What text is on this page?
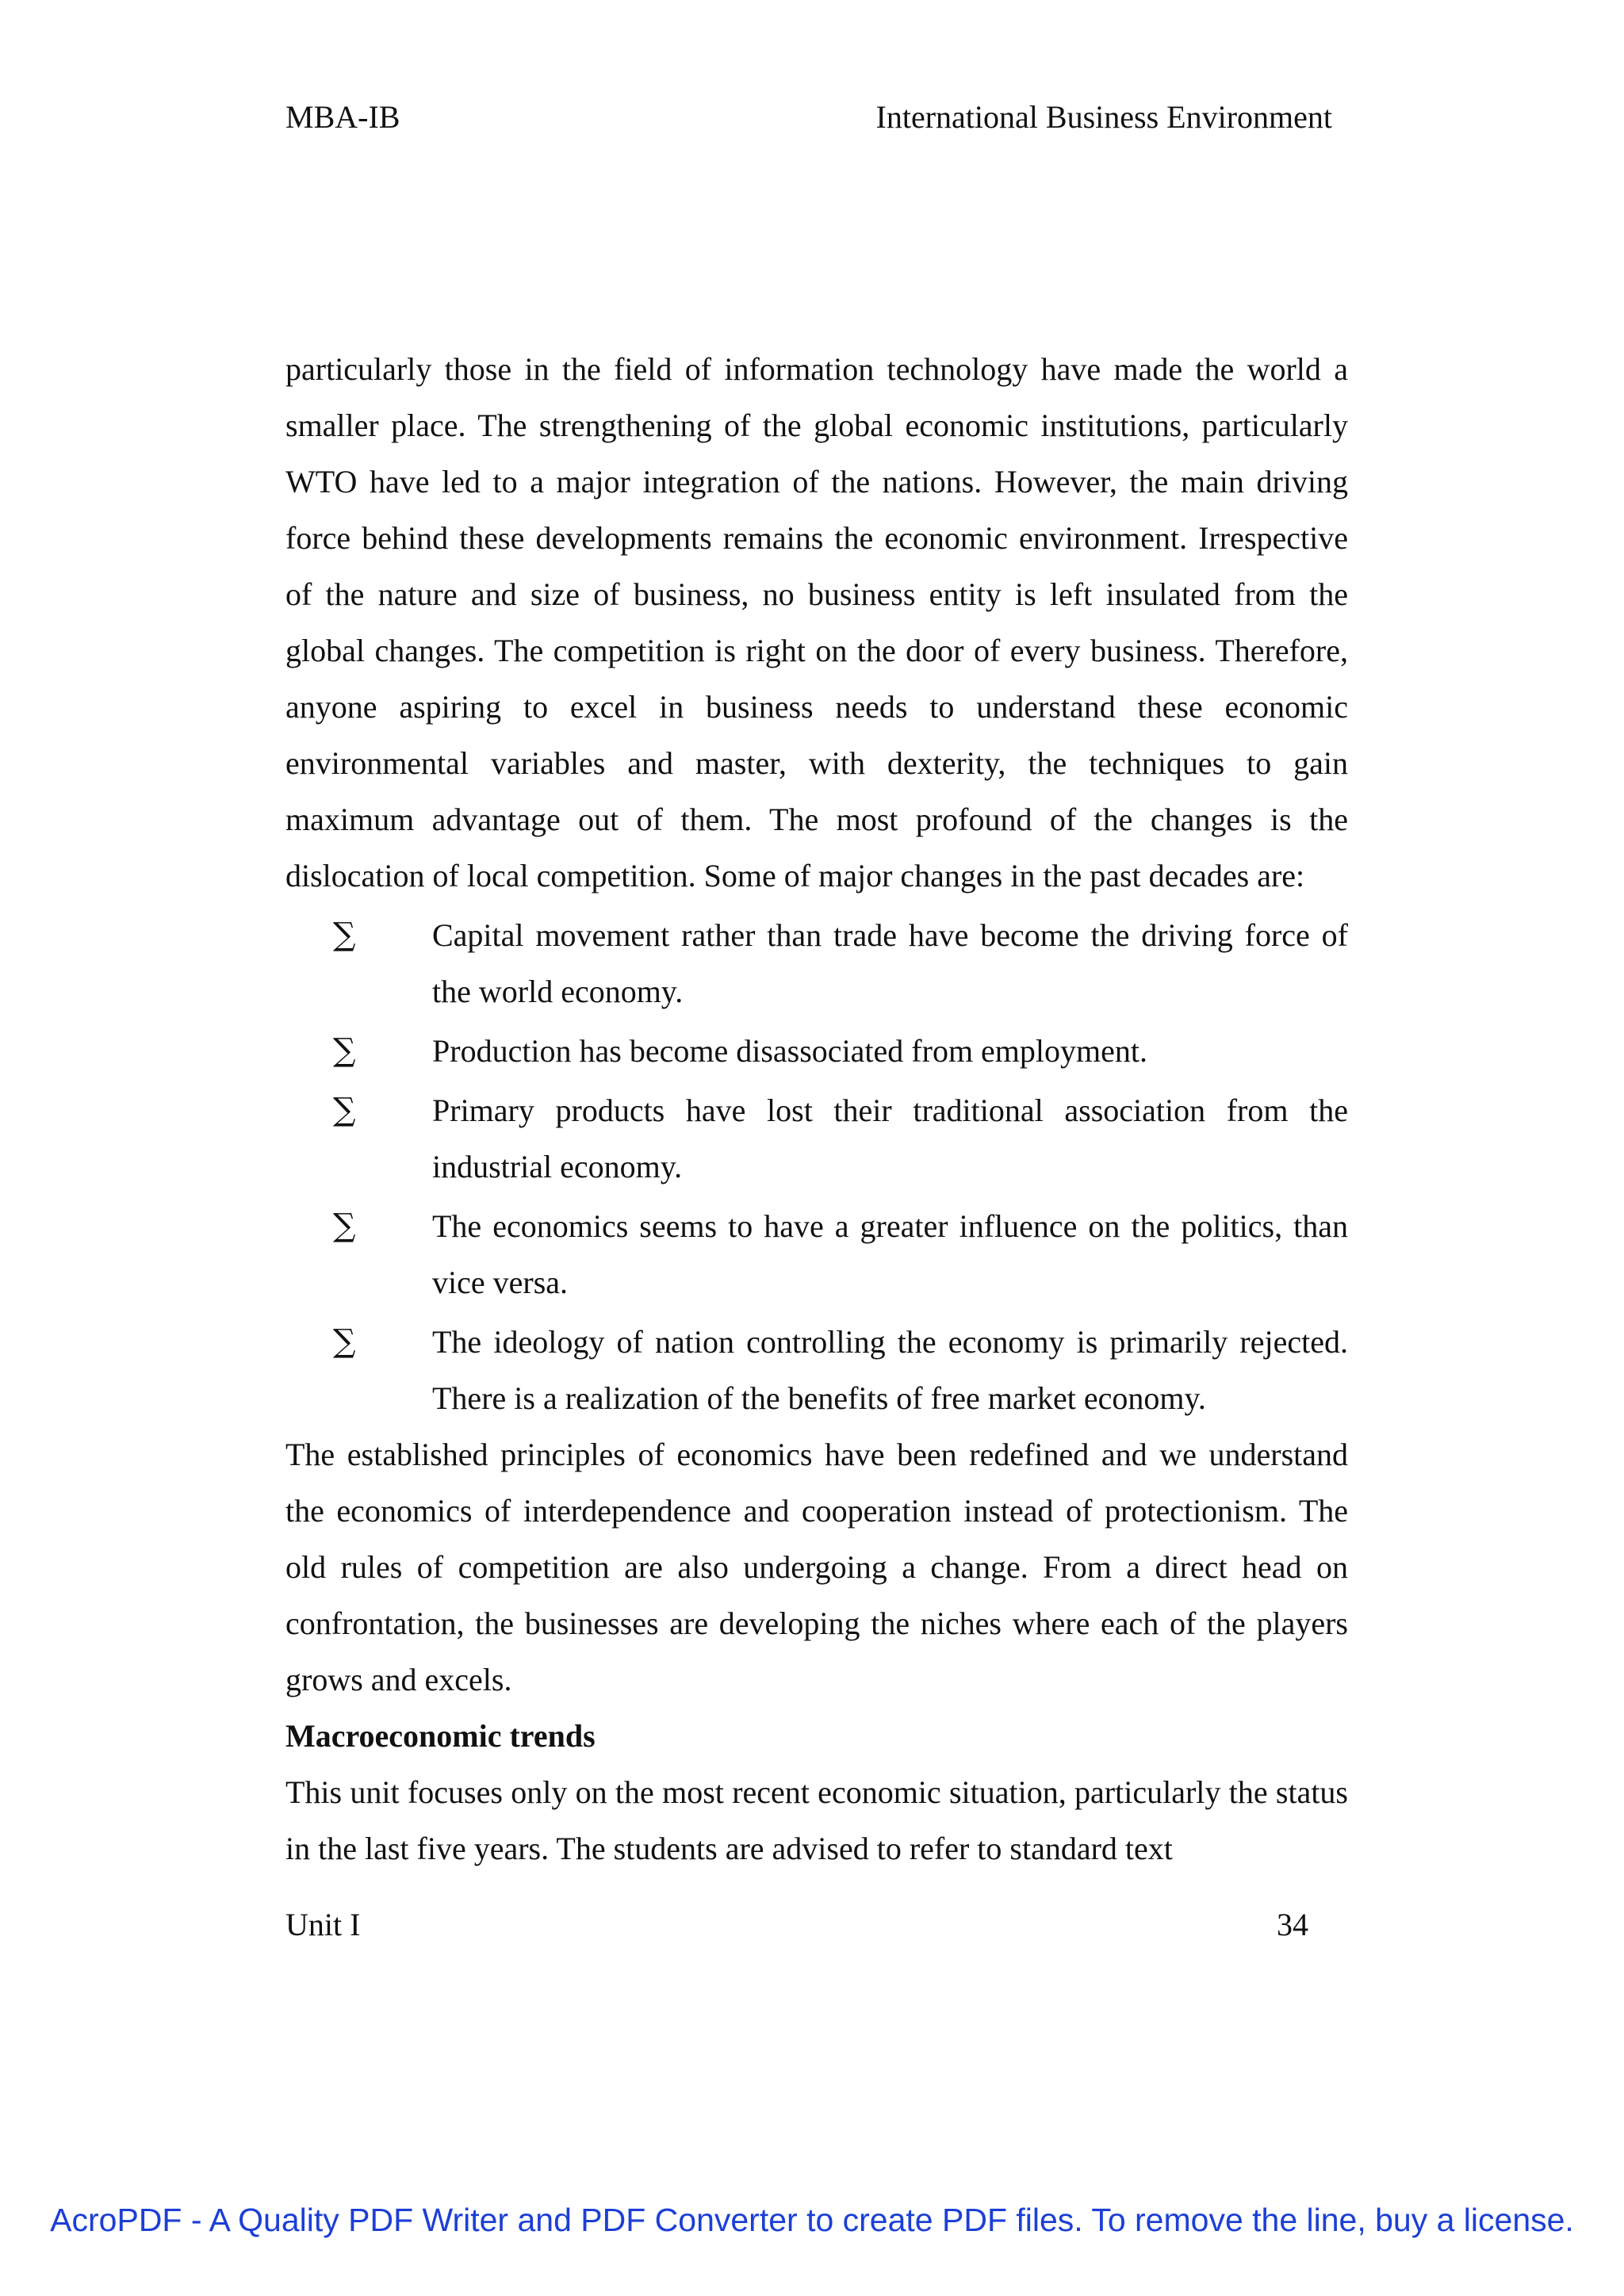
MBA-IB	International Business Environment

particularly those in the field of information technology have made the world a smaller place. The strengthening of the global economic institutions, particularly WTO have led to a major integration of the nations. However, the main driving force behind these developments remains the economic environment. Irrespective of the nature and size of business, no business entity is left insulated from the global changes. The competition is right on the door of every business. Therefore, anyone aspiring to excel in business needs to understand these economic environmental variables and master, with dexterity, the techniques to gain maximum advantage out of them. The most profound of the changes is the dislocation of local competition. Some of major changes in the past decades are:

∑ Capital movement rather than trade have become the driving force of the world economy.
∑ Production has become disassociated from employment.
∑ Primary products have lost their traditional association from the industrial economy.
∑ The economics seems to have a greater influence on the politics, than vice versa.
∑ The ideology of nation controlling the economy is primarily rejected. There is a realization of the benefits of free market economy.

The established principles of economics have been redefined and we understand the economics of interdependence and cooperation instead of protectionism. The old rules of competition are also undergoing a change. From a direct head on confrontation, the businesses are developing the niches where each of the players grows and excels.

Macroeconomic trends

This unit focuses only on the most recent economic situation, particularly the status in the last five years. The students are advised to refer to standard text

Unit I	34
AcroPDF - A Quality PDF Writer and PDF Converter to create PDF files. To remove the line, buy a license.
